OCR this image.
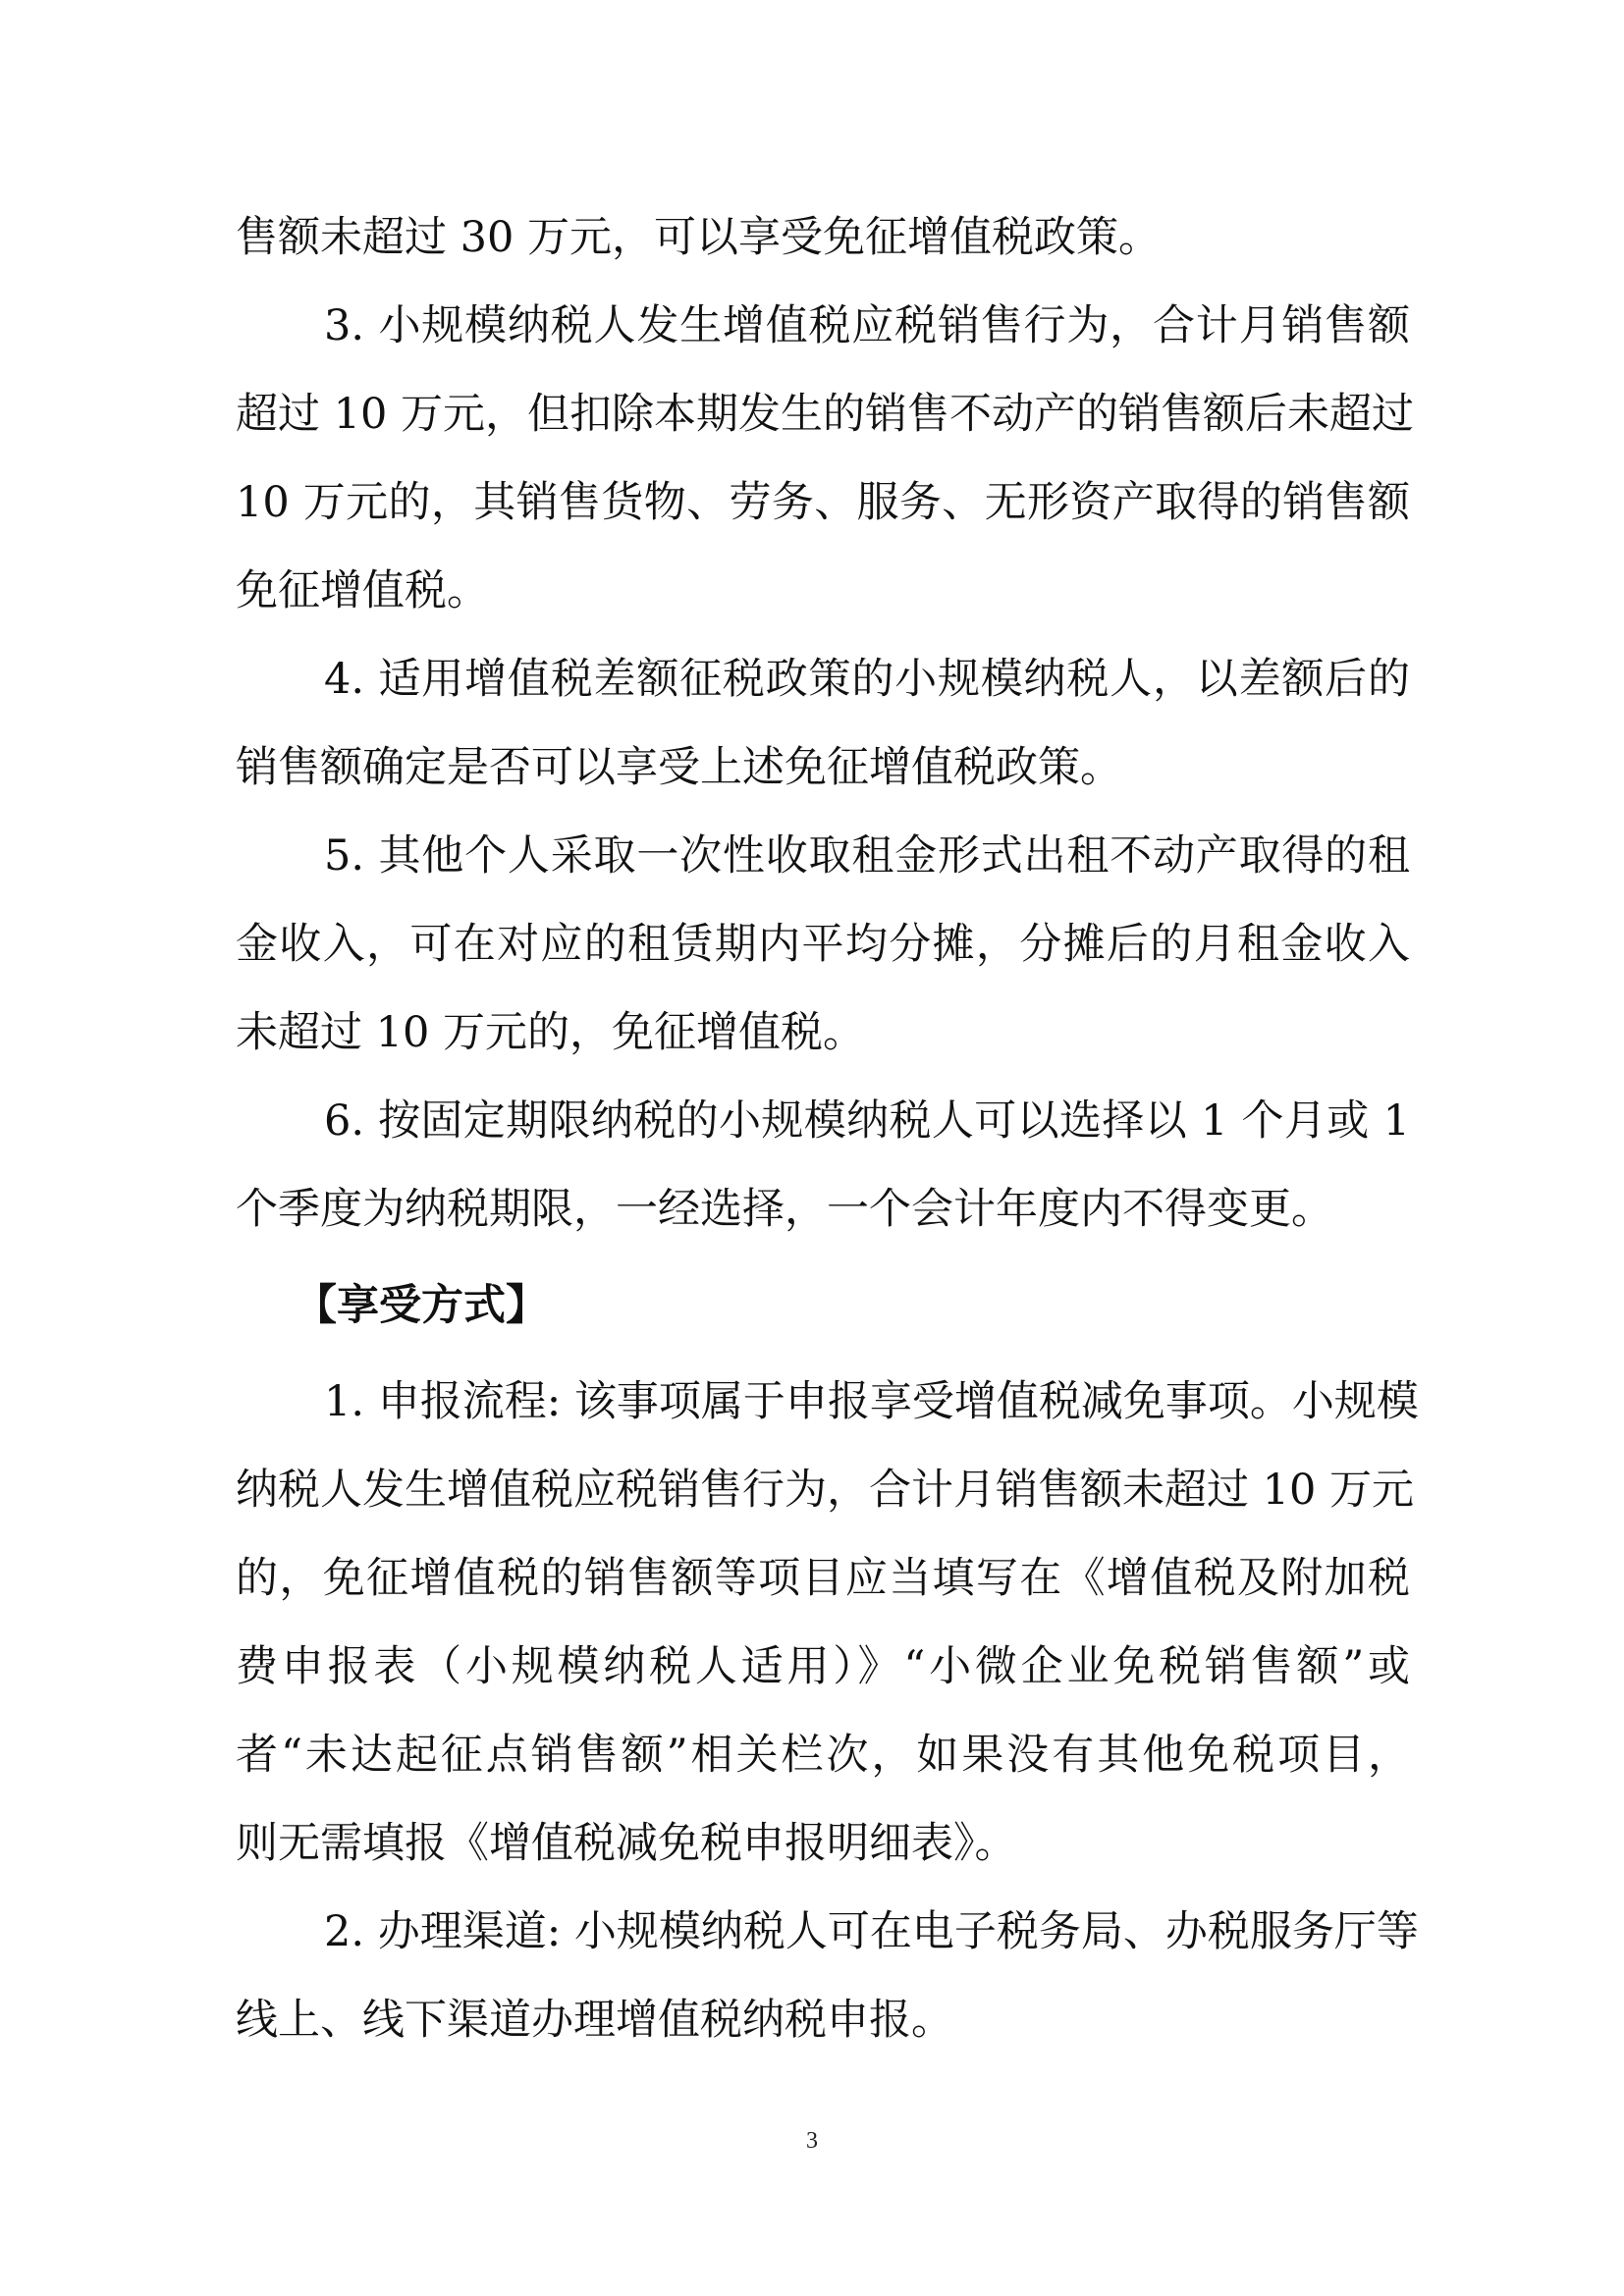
售额未超过 30 万元，可以享受免征增值税政策。
3. 小规模纳税人发生增值税应税销售行为，合计月销售额
超过 10 万元，但扣除本期发生的销售不动产的销售额后未超过
10 万元的，其销售货物、劳务、服务、无形资产取得的销售额
免征增值税。
4. 适用增值税差额征税政策的小规模纳税人，以差额后的
销售额确定是否可以享受上述免征增值税政策。
5. 其他个人采取一次性收取租金形式出租不动产取得的租
金收入，可在对应的租赁期内平均分摊，分摊后的月租金收入
未超过 10 万元的，免征增值税。
6. 按固定期限纳税的小规模纳税人可以选择以 1 个月或 1
个季度为纳税期限，一经选择，一个会计年度内不得变更。
【享受方式】
1. 申报流程: 该事项属于申报享受增值税减免事项。小规模
纳税人发生增值税应税销售行为，合计月销售额未超过 10 万元
的，免征增值税的销售额等项目应当填写在《增值税及附加税
费申报表（小规模纳税人适用）》“小微企业免税销售额”或
者“未达起征点销售额”相关栏次，如果没有其他免税项目，
则无需填报《增值税减免税申报明细表》。
2. 办理渠道: 小规模纳税人可在电子税务局、办税服务厅等
线上、线下渠道办理增值税纳税申报。
3
